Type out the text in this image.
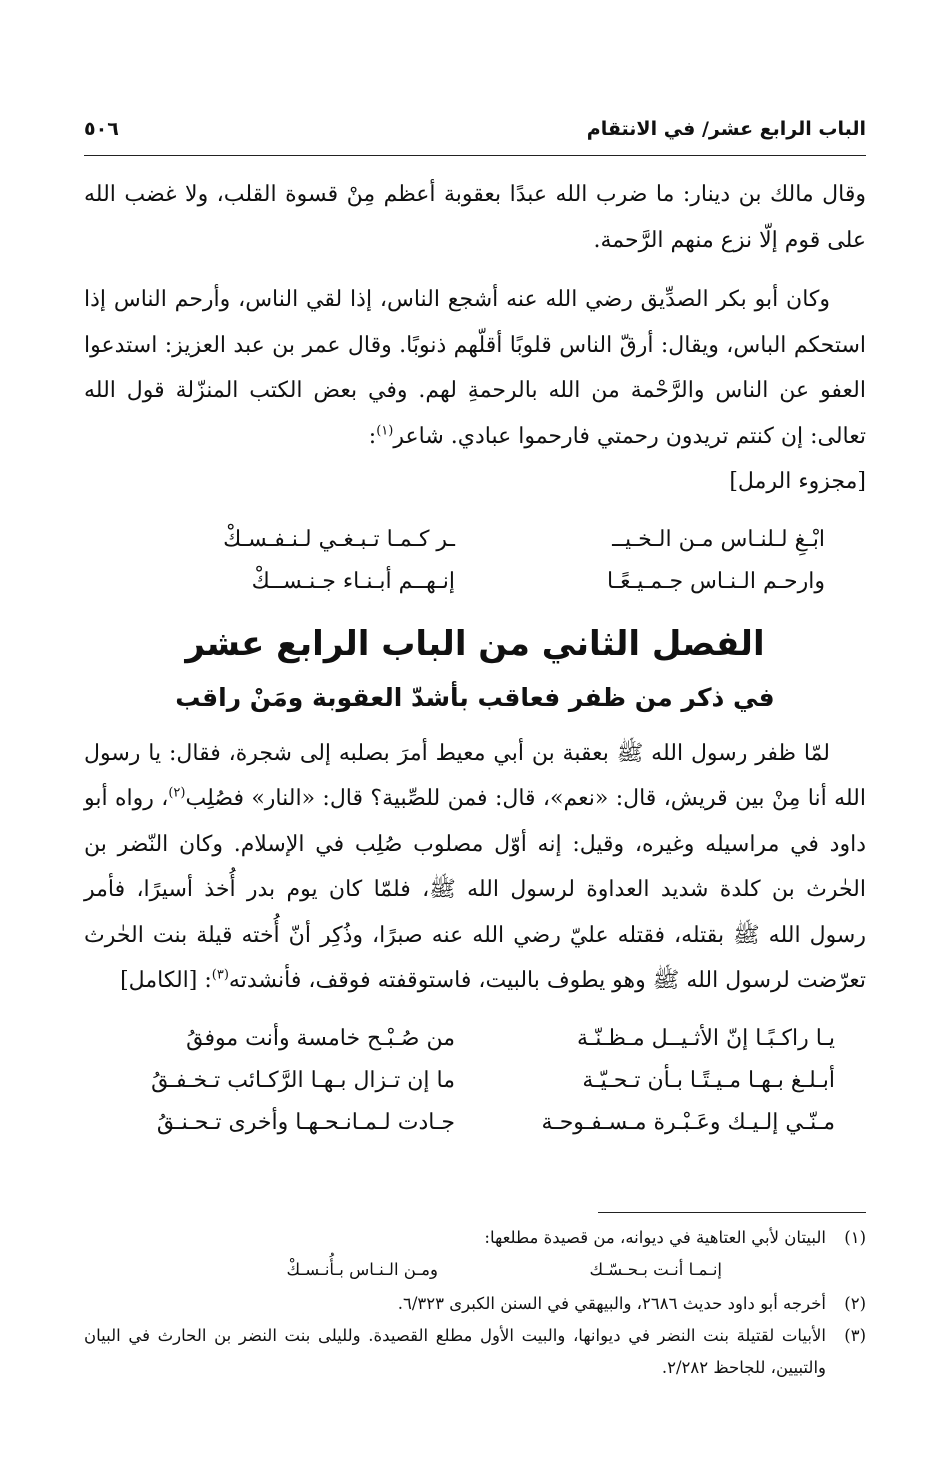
الباب الرابع عشر/ في الانتقام
٥٠٦

وقال مالك بن دينار: ما ضرب الله عبدًا بعقوبة أعظم مِنْ قسوة القلب، ولا غضب الله على قوم إلّا نزع منهم الرَّحمة.

وكان أبو بكر الصدِّيق رضي الله عنه أشجع الناس، إذا لقي الناس، وأرحم الناس إذا استحكم الباس، ويقال: أرقّ الناس قلوبًا أقلّهم ذنوبًا. وقال عمر بن عبد العزيز: استدعوا العفو عن الناس والرَّحْمة من الله بالرحمةِ لهم. وفي بعض الكتب المنزّلة قول الله تعالى: إن كنتم تريدون رحمتي فارحموا عبادي. شاعر$^{(١)}$:
[مجزوء الرمل]

ابْـغِ لـلنـاس مـن الـخـيــ
ـر كـمـا تـبـغـي لـنـفـسـكْ
وارحـم الـنـاس جـمـيـعًـا
إنـهــم أبـنـاء جـنـســكْ
الفصل الثاني من الباب الرابع عشر
في ذكر من ظفر فعاقب بأشدّ العقوبة ومَنْ راقب

لمّا ظفر رسول الله ﷺ بعقبة بن أبي معيط أمرَ بصلبه إلى شجرة، فقال: يا رسول الله أنا مِنْ بين قريش، قال: «نعم»، قال: فمن للصِّبية؟ قال: «النار» فصُلِب$^{(٢)}$، رواه أبو داود في مراسيله وغيره، وقيل: إنه أوّل مصلوب صُلِب في الإسلام. وكان النّضر بن الحٰرث بن كلدة شديد العداوة لرسول الله ﷺ، فلمّا كان يوم بدر أُخذ أسيرًا، فأمر رسول الله ﷺ بقتله، فقتله عليّ رضي الله عنه صبرًا، وذُكِر أنّ أُخته قيلة بنت الحٰرث تعرّضت لرسول الله ﷺ وهو يطوف بالبيت، فاستوقفته فوقف، فأنشدته$^{(٣)}$: [الكامل]

يـا راكـبًـا إنّ الأثـيــل مـظـنّـة
من صُـبْـح خامسة وأنت موفقُ
أبـلـغ بـهـا مـيـتًـا بـأن تـحـيّـة
ما إن تـزال بـهـا الرَّكـائب تـخـفـقُ
مـنّـي إلـيـك وعَـبْـرة مـسـفـوحـة
جـادت لـمـانـحـهـا وأخرى تـحـنـقُ

(١)
البيتان لأبي العتاهية في ديوانه، من قصيدة مطلعها:

إنـمـا أنـت بـحـسّـك
ومـن الـنـاس بـأُنـسـكْ

(٢)
أخرجه أبو داود حديث ٢٦٨٦، والبيهقي في السنن الكبرى ٦/٣٢٣.

(٣)
الأبيات لقتيلة بنت النضر في ديوانها، والبيت الأول مطلع القصيدة. ولليلى بنت النضر بن الحارث في البيان والتبيين، للجاحظ ٢/٢٨٢.
